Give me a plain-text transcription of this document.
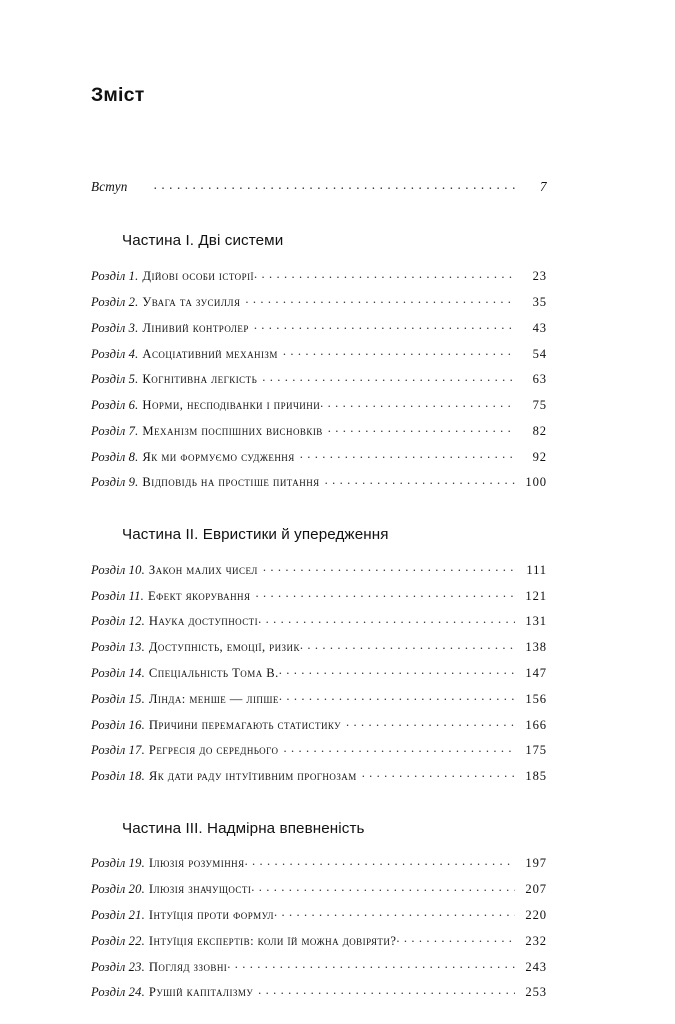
Зміст
Вступ . . .	7
Частина I. Дві системи
Розділ 1. Дійові особи історії . . .	23
Розділ 2. Увага та зусилля . . .	35
Розділ 3. Лінивий контролер . . .	43
Розділ 4. Асоціативний механізм . . .	54
Розділ 5. Когнітивна легкість . . .	63
Розділ 6. Норми, несподіванки і причини . . .	75
Розділ 7. Механізм поспішних висновків . . .	82
Розділ 8. Як ми формуємо судження . . .	92
Розділ 9. Відповідь на простіше питання . . .	100
Частина II. Евристики й упередження
Розділ 10. Закон малих чисел . . .	111
Розділ 11. Ефект якорування . . .	121
Розділ 12. Наука доступності . . .	131
Розділ 13. Доступність, емоції, ризик . . .	138
Розділ 14. Спеціальність Тома В. . . .	147
Розділ 15. Лінда: менше — ліпше . . .	156
Розділ 16. Причини перемагають статистику . . .	166
Розділ 17. Регресія до середнього . . .	175
Розділ 18. Як дати раду інтуїтивним прогнозам . . .	185
Частина III. Надмірна впевненість
Розділ 19. Ілюзія розуміння . . .	197
Розділ 20. Ілюзія значущості . . .	207
Розділ 21. Інтуїція проти формул . . .	220
Розділ 22. Інтуїція експертів: коли їй можна довіряти? . . .	232
Розділ 23. Погляд ззовні . . .	243
Розділ 24. Рушій капіталізму . . .	253
